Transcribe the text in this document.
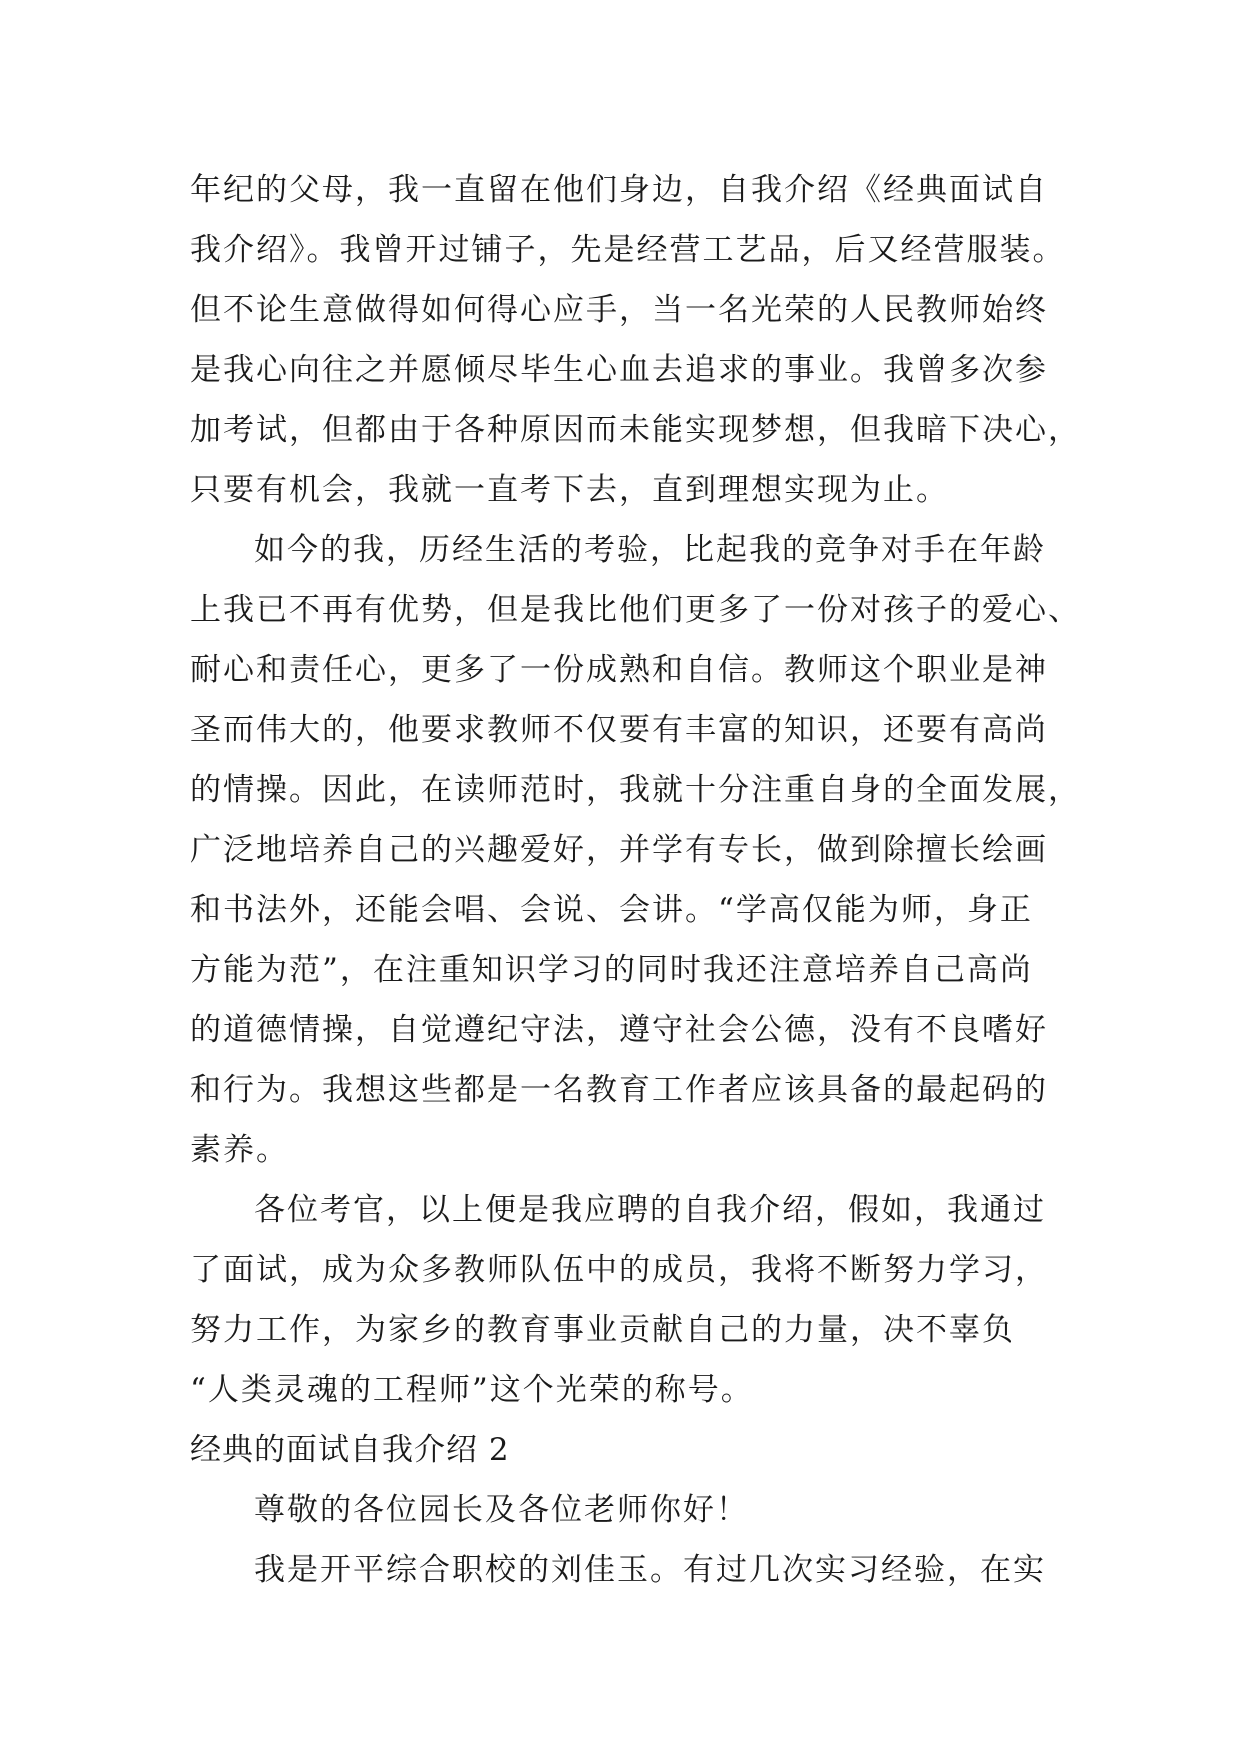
年纪的父母，我一直留在他们身边，自我介绍《经典面试自
我介绍》。我曾开过铺子，先是经营工艺品，后又经营服装。
但不论生意做得如何得心应手，当一名光荣的人民教师始终
是我心向往之并愿倾尽毕生心血去追求的事业。我曾多次参
加考试，但都由于各种原因而未能实现梦想，但我暗下决心，
只要有机会，我就一直考下去，直到理想实现为止。
如今的我，历经生活的考验，比起我的竞争对手在年龄
上我已不再有优势，但是我比他们更多了一份对孩子的爱心、
耐心和责任心，更多了一份成熟和自信。教师这个职业是神
圣而伟大的，他要求教师不仅要有丰富的知识，还要有高尚
的情操。因此，在读师范时，我就十分注重自身的全面发展，
广泛地培养自己的兴趣爱好，并学有专长，做到除擅长绘画
和书法外，还能会唱、会说、会讲。“学高仅能为师，身正
方能为范”，在注重知识学习的同时我还注意培养自己高尚
的道德情操，自觉遵纪守法，遵守社会公德，没有不良嗜好
和行为。我想这些都是一名教育工作者应该具备的最起码的
素养。
各位考官，以上便是我应聘的自我介绍，假如，我通过
了面试，成为众多教师队伍中的成员，我将不断努力学习，
努力工作，为家乡的教育事业贡献自己的力量，决不辜负
“人类灵魂的工程师”这个光荣的称号。
经典的面试自我介绍 2
尊敬的各位园长及各位老师你好！
我是开平综合职校的刘佳玉。有过几次实习经验，在实
